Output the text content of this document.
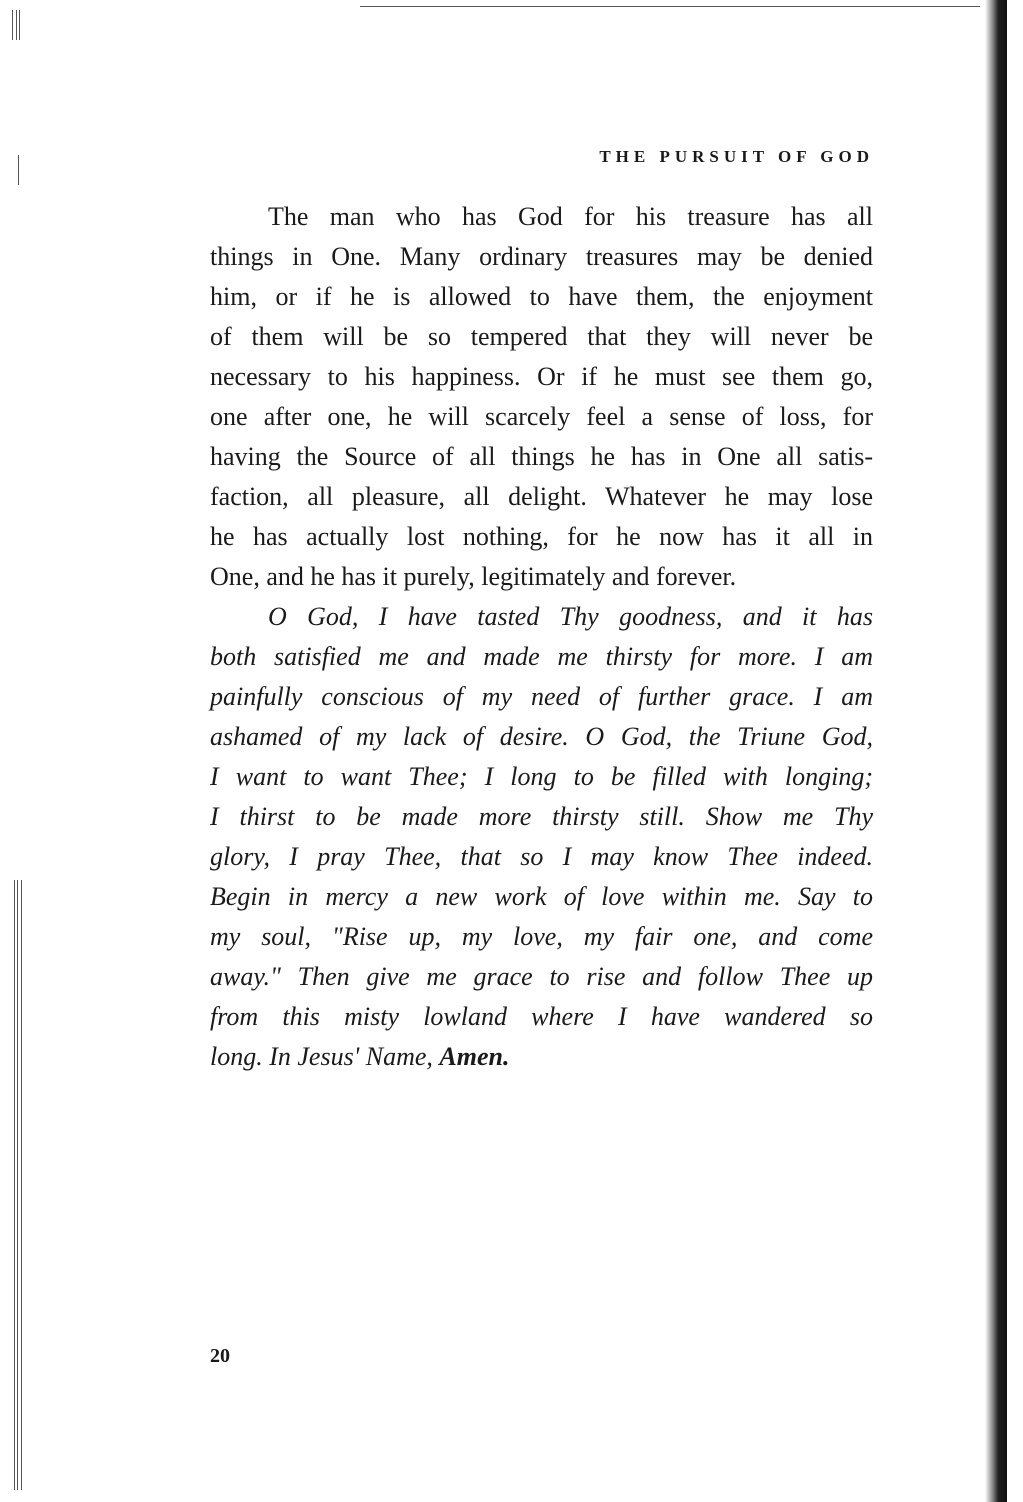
THE PURSUIT OF GOD
The man who has God for his treasure has all
things in One. Many ordinary treasures may be denied
him, or if he is allowed to have them, the enjoyment
of them will be so tempered that they will never be
necessary to his happiness. Or if he must see them go,
one after one, he will scarcely feel a sense of loss, for
having the Source of all things he has in One all satis-
faction, all pleasure, all delight. Whatever he may lose
he has actually lost nothing, for he now has it all in
One, and he has it purely, legitimately and forever.
O God, I have tasted Thy goodness, and it has
both satisfied me and made me thirsty for more. I am
painfully conscious of my need of further grace. I am
ashamed of my lack of desire. O God, the Triune God,
I want to want Thee; I long to be filled with longing;
I thirst to be made more thirsty still. Show me Thy
glory, I pray Thee, that so I may know Thee indeed.
Begin in mercy a new work of love within me. Say to
my soul, "Rise up, my love, my fair one, and come
away." Then give me grace to rise and follow Thee up
from this misty lowland where I have wandered so
long. In Jesus' Name, Amen.
20
